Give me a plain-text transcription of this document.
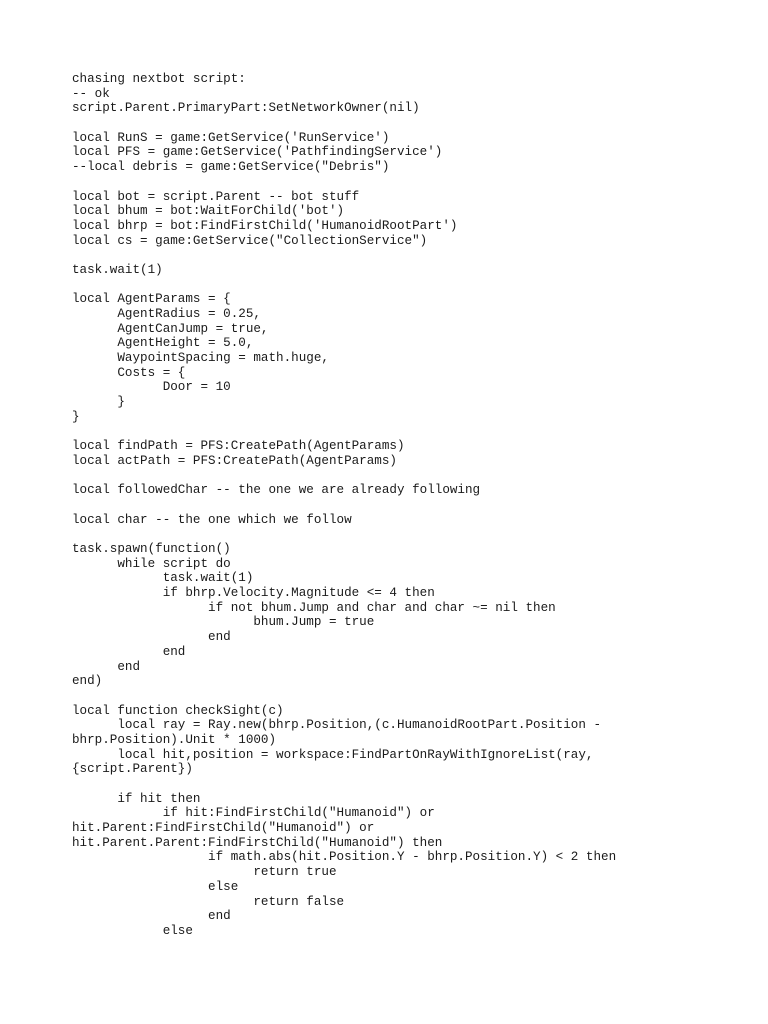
chasing nextbot script:
-- ok
script.Parent.PrimaryPart:SetNetworkOwner(nil)
local RunS = game:GetService('RunService')
local PFS = game:GetService('PathfindingService')
--local debris = game:GetService("Debris")
local bot = script.Parent -- bot stuff
local bhum = bot:WaitForChild('bot')
local bhrp = bot:FindFirstChild('HumanoidRootPart')
local cs = game:GetService("CollectionService")
task.wait(1)
local AgentParams = {
AgentRadius = 0.25,
AgentCanJump = true,
AgentHeight = 5.0,
WaypointSpacing = math.huge,
Costs = {
Door = 10
}
}
local findPath = PFS:CreatePath(AgentParams)
local actPath = PFS:CreatePath(AgentParams)
local followedChar -- the one we are already following
local char -- the one which we follow
task.spawn(function()
while script do
task.wait(1)
if bhrp.Velocity.Magnitude <= 4 then
if not bhum.Jump and char and char ~= nil then
bhum.Jump = true
end
end
end
end)
local function checkSight(c)
local ray = Ray.new(bhrp.Position,(c.HumanoidRootPart.Position -
bhrp.Position).Unit * 1000)
local hit,position = workspace:FindPartOnRayWithIgnoreList(ray,
{script.Parent})
if hit then
if hit:FindFirstChild("Humanoid") or
hit.Parent:FindFirstChild("Humanoid") or
hit.Parent.Parent:FindFirstChild("Humanoid") then
if math.abs(hit.Position.Y - bhrp.Position.Y) < 2 then
return true
else
return false
end
else
